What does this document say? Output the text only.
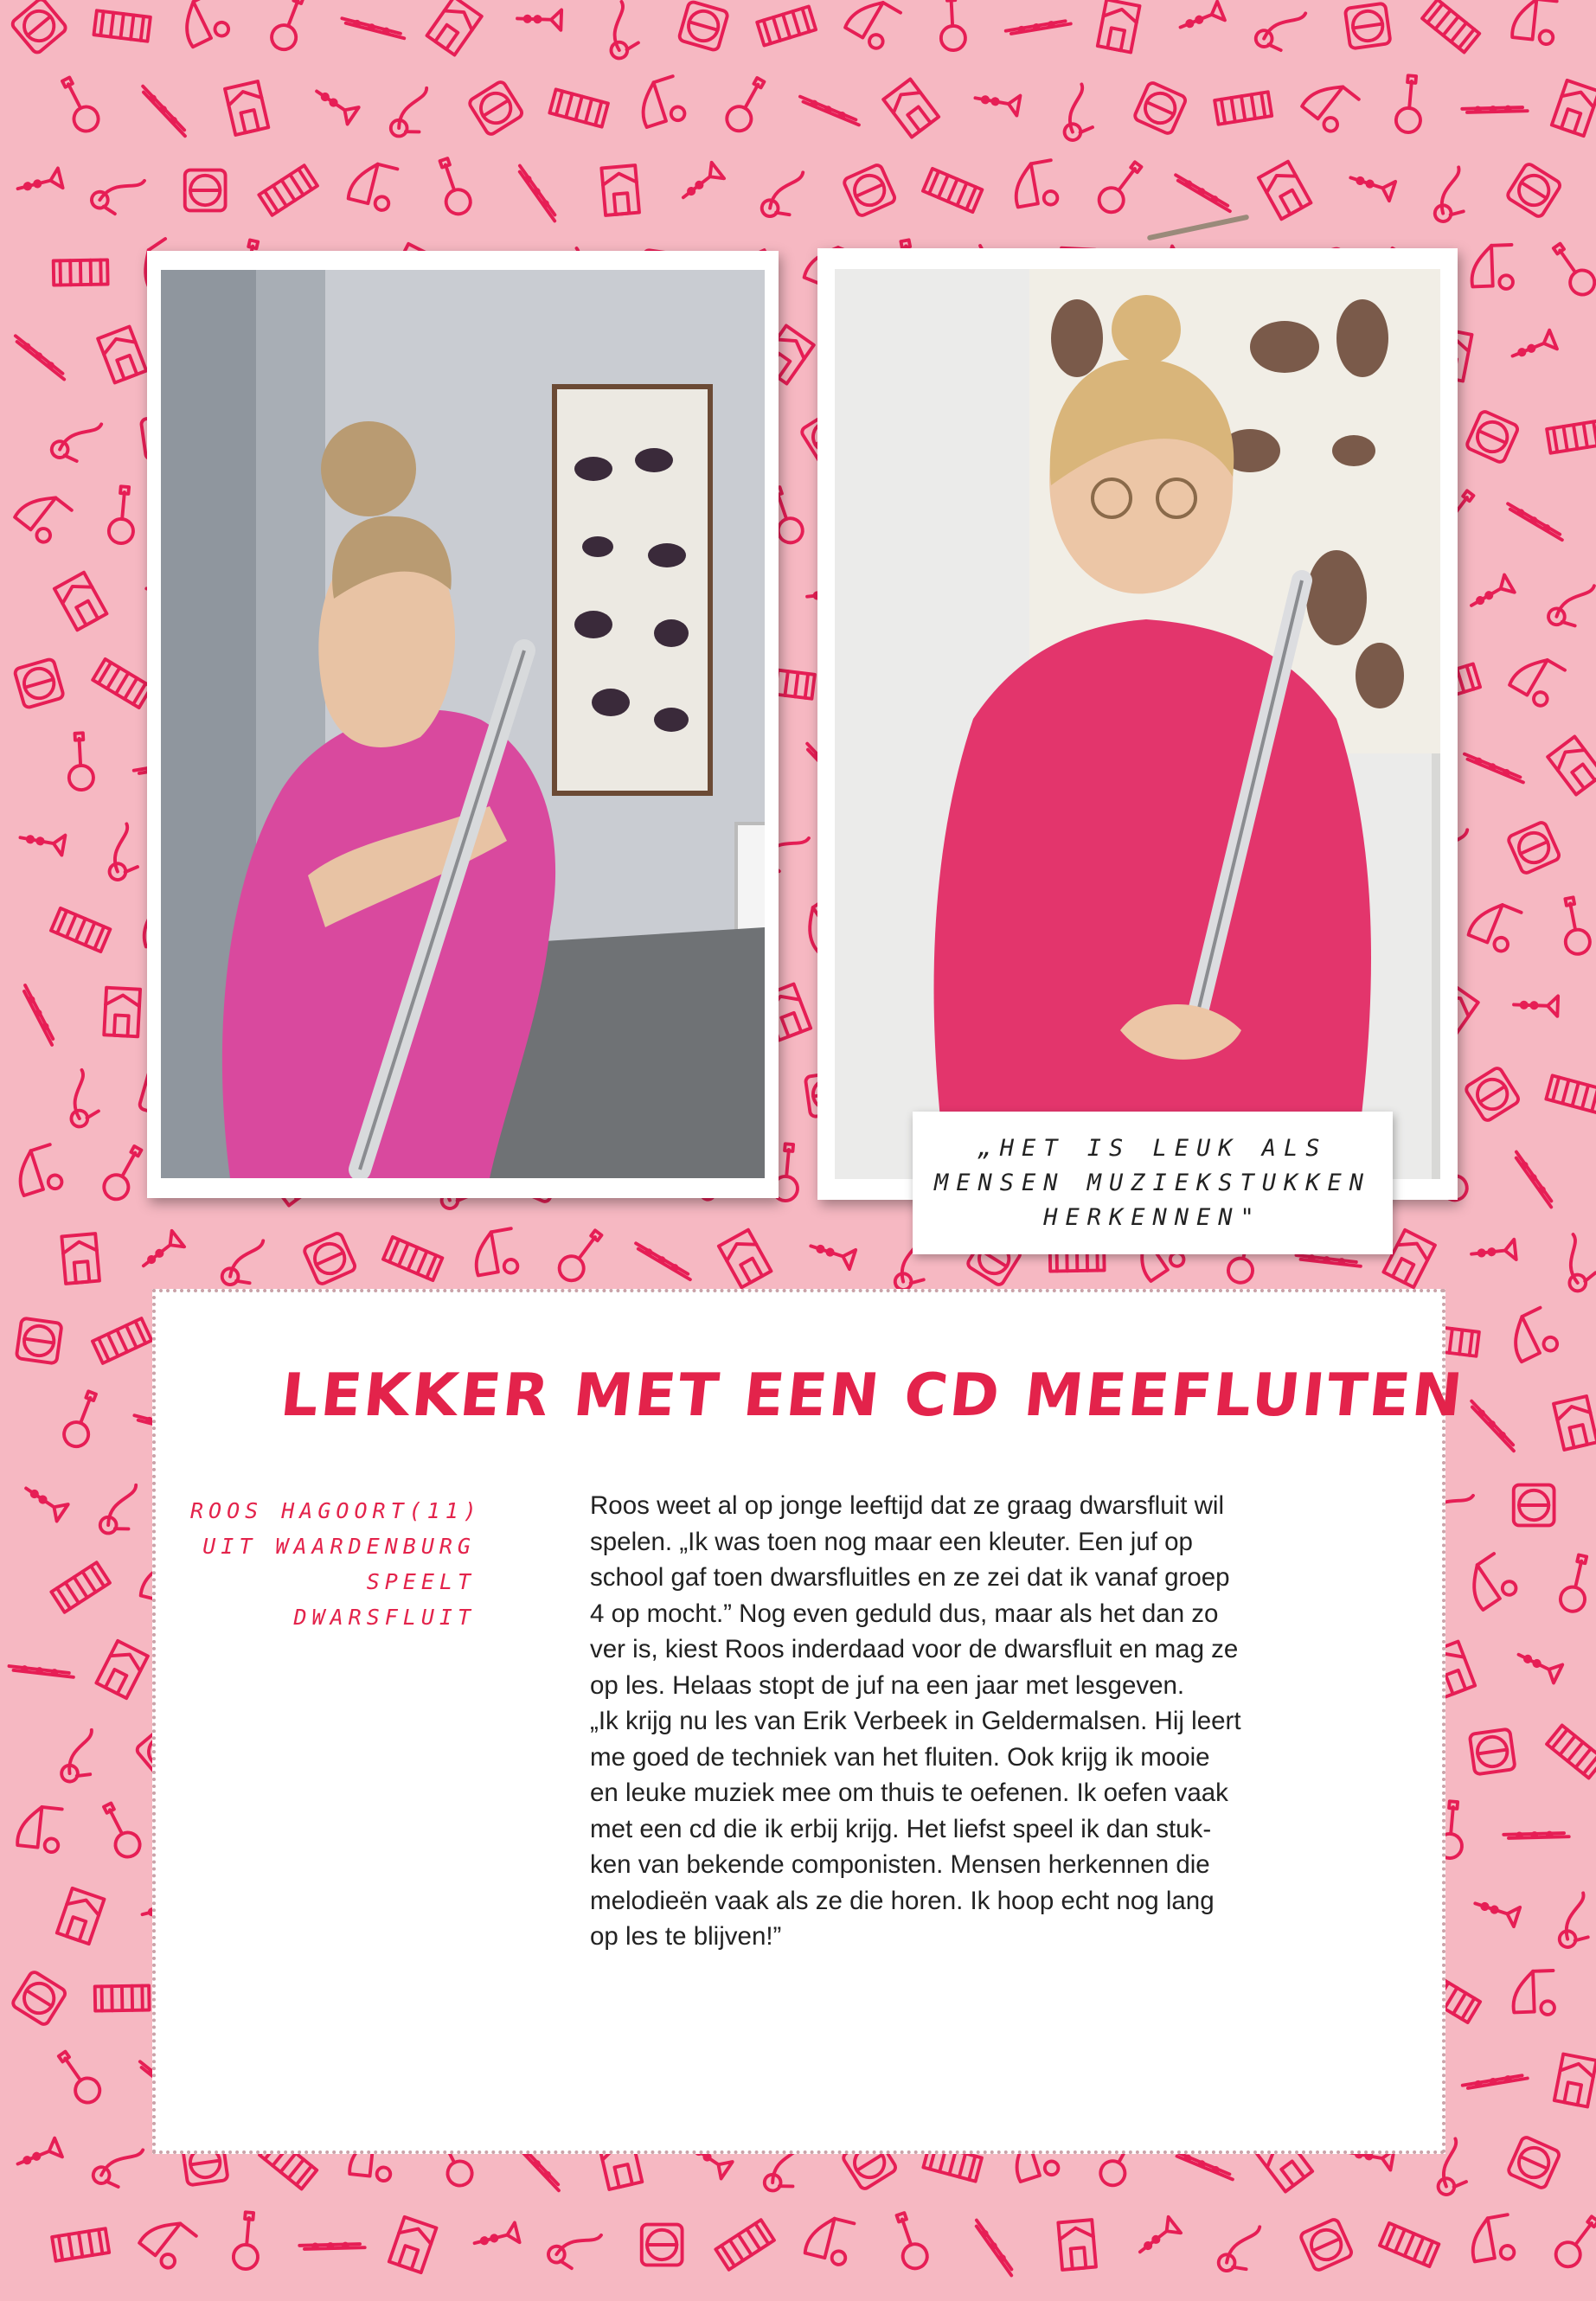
„HET IS LEUK ALS
MENSEN MUZIEKSTUKKEN
HERKENNEN"
LEKKER MET EEN CD MEEFLUITEN
ROOS HAGOORT(11)
UIT WAARDENBURG
SPEELT
DWARSFLUIT
Roos weet al op jonge leeftijd dat ze graag dwarsfluit wil
spelen. „Ik was toen nog maar een kleuter. Een juf op
school gaf toen dwarsfluitles en ze zei dat ik vanaf groep
4 op mocht.” Nog even geduld dus, maar als het dan zo
ver is, kiest Roos inderdaad voor de dwarsfluit en mag ze
op les. Helaas stopt de juf na een jaar met lesgeven.
„Ik krijg nu les van Erik Verbeek in Geldermalsen. Hij leert
me goed de techniek van het fluiten. Ook krijg ik mooie
en leuke muziek mee om thuis te oefenen. Ik oefen vaak
met een cd die ik erbij krijg. Het liefst speel ik dan stuk-
ken van bekende componisten. Mensen herkennen die
melodieën vaak als ze die horen. Ik hoop echt nog lang
op les te blijven!”
